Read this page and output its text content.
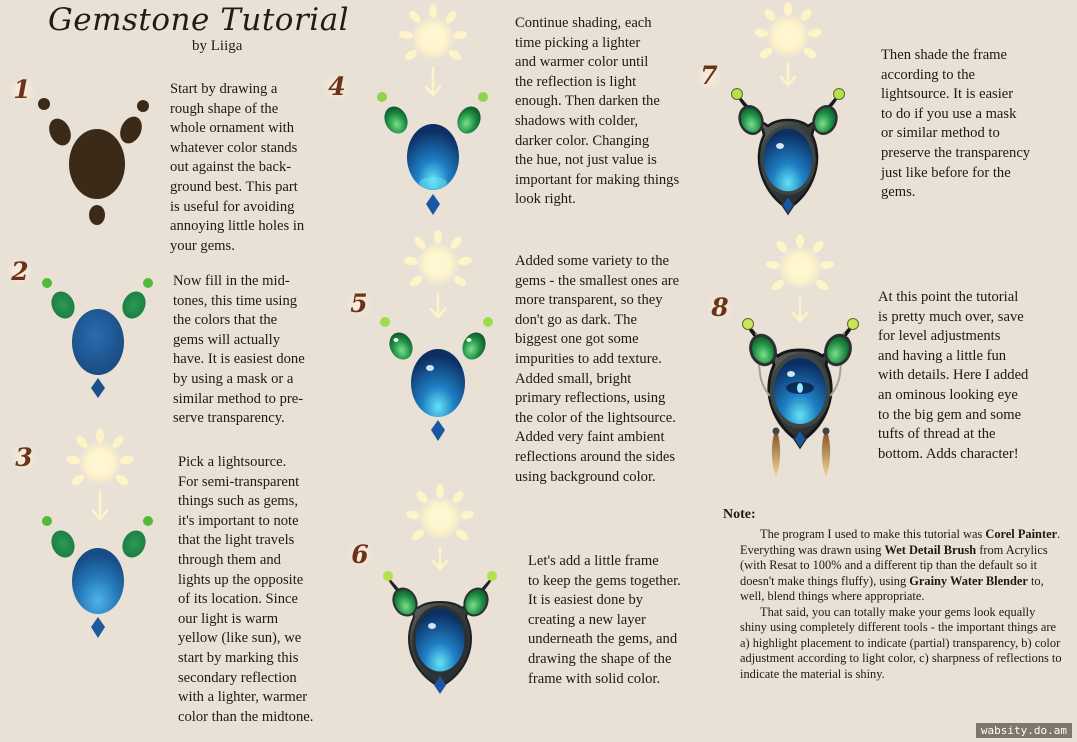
Gemstone Tutorial
by Liiga
1	Start by drawing a
rough shape of the
whole ornament with
whatever color stands
out against the back-
ground best. This part
is useful for avoiding
annoying little holes in
your gems.
2	Now fill in the mid-
tones, this time using
the colors that the
gems will actually
have. It is easiest done
by using a mask or a
similar method to pre-
serve transparency.
3	Pick a lightsource.
For semi-transparent
things such as gems,
it's important to note
that the light travels
through them and
lights up the opposite
of its location. Since
our light is warm
yellow (like sun), we
start by marking this
secondary reflection
with a lighter, warmer
color than the midtone.
4
Continue shading, each
time picking a lighter
and warmer color until
the reflection is light
enough. Then darken the
shadows with colder,
darker color. Changing
the hue, not just value is
important for making things
look right.
5
Added some variety to the
gems - the smallest ones are
more transparent, so they
don't go as dark. The
biggest one got some
impurities to add texture.
Added small, bright
primary reflections, using
the color of the lightsource.
Added very faint ambient
reflections around the sides
using background color.
6	Let's add a little frame
to keep the gems together.
It is easiest done by
creating a new layer
underneath the gems, and
drawing the shape of the
frame with solid color.
7
Then shade the frame
according to the
lightsource. It is easier
to do if you use a mask
or similar method to
preserve the transparency
just like before for the
gems.
8	At this point the tutorial
is pretty much over, save
for level adjustments
and having a little fun
with details. Here I added
an ominous looking eye
to the big gem and some
tufts of thread at the
bottom. Adds character!
Note:

The program I used to make this tutorial was Corel Painter. Everything was drawn using Wet Detail Brush from Acrylics (with Resat to 100% and a different tip than the default so it doesn't make things fluffy), using Grainy Water Blender to, well, blend things where appropriate.

That said, you can totally make your gems look equally shiny using completely different tools - the important things are a) highlight placement to indicate (partial) transparency, b) color adjustment according to light color, c) sharpness of reflections to indicate the material is shiny.

wabsity.do.am
